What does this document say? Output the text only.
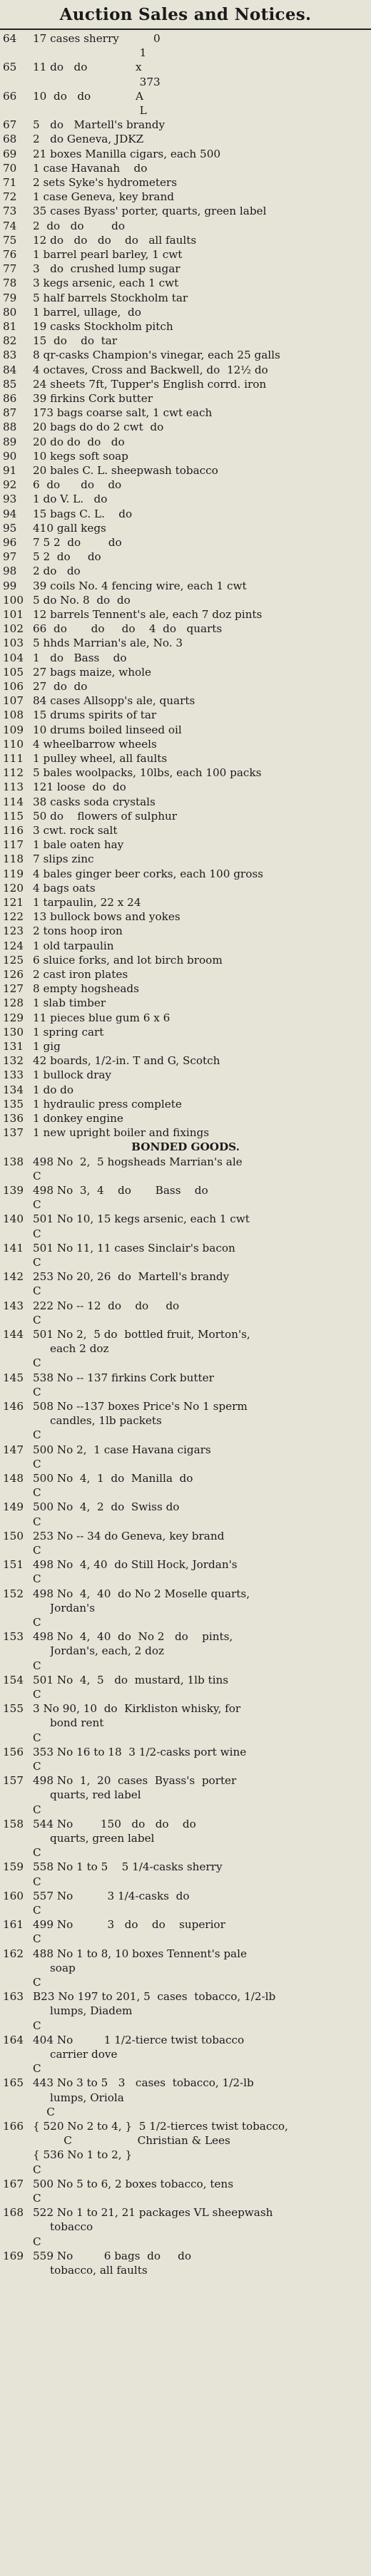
Auction Sales and Notices.
64	17 cases sherry          0
1
65	11 do   do              x
373
66	10  do   do             A
L
67	5   do   Martell's brandy
68	2   do Geneva, JDKZ
69	21 boxes Manilla cigars, each 500
70	1 case Havanah    do
71	2 sets Syke's hydrometers
72	1 case Geneva, key brand
73	35 cases Byass' porter, quarts, green label
74	2  do   do        do
75	12 do   do   do    do   all faults
76	1 barrel pearl barley, 1 cwt
77	3   do  crushed lump sugar
78	3 kegs arsenic, each 1 cwt
79	5 half barrels Stockholm tar
80	1 barrel, ullage,  do
81	19 casks Stockholm pitch
82	15  do    do  tar
83	8 qr-casks Champion's vinegar, each 25 galls
84	4 octaves, Cross and Backwell, do  12½ do
85	24 sheets 7ft, Tupper's English corrd. iron
86	39 firkins Cork butter
87	173 bags coarse salt, 1 cwt each
88	20 bags do do 2 cwt  do
89	20 do do  do   do
90	10 kegs soft soap
91	20 bales C. L. sheepwash tobacco
92	6  do      do    do
93	1 do V. L.   do
94	15 bags C. L.    do
95	410 gall kegs
96	7 5 2  do        do
97	5 2  do     do
98	2 do   do
99	39 coils No. 4 fencing wire, each 1 cwt
100 5 do No. 8  do  do
101 12 barrels Tennent's ale, each 7 doz pints
102 66  do       do     do    4  do   quarts
103 5 hhds Marrian's ale, No. 3
104 1   do   Bass    do
105 27 bags maize, whole
106 27  do  do
107 84 cases Allsopp's ale, quarts
108 15 drums spirits of tar
109 10 drums boiled linseed oil
110 4 wheelbarrow wheels
111 1 pulley wheel, all faults
112 5 bales woolpacks, 10lbs, each 100 packs
113 121 loose  do  do
114 38 casks soda crystals
115 50 do    flowers of sulphur
116 3 cwt. rock salt
117 1 bale oaten hay
118 7 slips zinc
119 4 bales ginger beer corks, each 100 gross
120 4 bags oats
121 1 tarpaulin, 22 x 24
122 13 bullock bows and yokes
123 2 tons hoop iron
124 1 old tarpaulin
125 6 sluice forks, and lot birch broom
126 2 cast iron plates
127 8 empty hogsheads
128 1 slab timber
129 11 pieces blue gum 6 x 6
130 1 spring cart
131 1 gig
132 42 boards, 1/2-in. T and G, Scotch
133 1 bullock dray
134 1 do do
135 1 hydraulic press complete
136 1 donkey engine
137 1 new upright boiler and fixings
BONDED GOODS.
138 498 No  2,  5 hogsheads Marrian's ale
C
139 498 No  3,  4    do       Bass    do
C
140 501 No 10, 15 kegs arsenic, each 1 cwt
C
141 501 No 11, 11 cases Sinclair's bacon
C
142 253 No 20, 26  do  Martell's brandy
C
143 222 No -- 12  do    do     do
C
144 501 No 2,  5 do  bottled fruit, Morton's,
each 2 doz
C
145 538 No -- 137 firkins Cork butter
C
146 508 No --137 boxes Price's No 1 sperm
candles, 1lb packets
C
147 500 No 2,  1 case Havana cigars
C
148 500 No  4,  1  do  Manilla  do
C
149 500 No  4,  2  do  Swiss do
C
150 253 No -- 34 do Geneva, key brand
C
151 498 No  4, 40  do Still Hock, Jordan's
C
152 498 No  4,  40  do No 2 Moselle quarts,
Jordan's
C
153 498 No  4,  40  do  No 2   do    pints,
Jordan's, each, 2 doz
C
154 501 No  4,  5   do  mustard, 1lb tins
C
155 3 No 90, 10  do  Kirkliston whisky, for
bond rent
C
156 353 No 16 to 18  3 1/2-casks port wine
C
157 498 No  1,  20  cases  Byass's  porter
quarts, red label
C
158 544 No        150   do   do    do
quarts, green label
C
159 558 No 1 to 5    5 1/4-casks sherry
C
160 557 No          3 1/4-casks  do
C
161 499 No          3   do    do    superior
C
162 488 No 1 to 8, 10 boxes Tennent's pale
soap
C
163 B23 No 197 to 201, 5  cases  tobacco, 1/2-lb
lumps, Diadem
C
164 404 No         1 1/2-tierce twist tobacco
carrier dove
C
165 443 No 3 to 5   3   cases  tobacco, 1/2-lb
lumps, Oriola
C
166 { 520 No 2 to 4, }  5 1/2-tierces twist tobacco,
C                   Christian & Lees
{ 536 No 1 to 2, }
C
167 500 No 5 to 6, 2 boxes tobacco, tens
C
168 522 No 1 to 21, 21 packages VL sheepwash
tobacco
C
169 559 No         6 bags  do     do
tobacco, all faults
